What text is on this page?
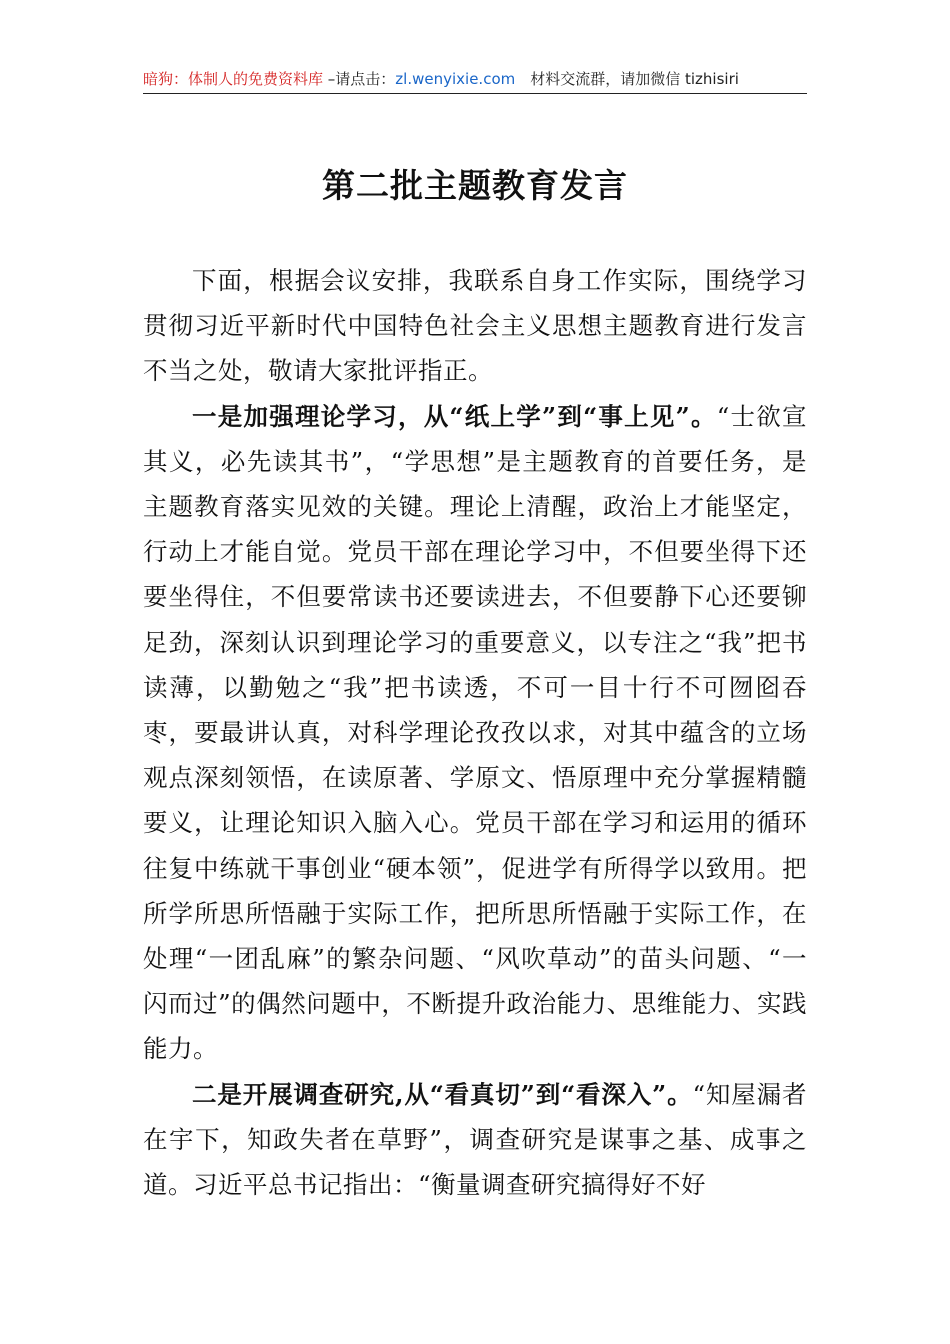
暗狗：体制人的免费资料库 –请点击：zl.wenyixie.com　材料交流群，请加微信 tizhisiri
第二批主题教育发言

下面，根据会议安排，我联系自身工作实际，围绕学习贯彻习近平新时代中国特色社会主义思想主题教育进行发言不当之处，敬请大家批评指正。

一是加强理论学习，从“纸上学”到“事上见”。“士欲宣其义，必先读其书”，“学思想”是主题教育的首要任务，是主题教育落实见效的关键。理论上清醒，政治上才能坚定，行动上才能自觉。党员干部在理论学习中，不但要坐得下还要坐得住，不但要常读书还要读进去，不但要静下心还要铆足劲，深刻认识到理论学习的重要意义，以专注之“我”把书读薄，以勤勉之“我”把书读透，不可一目十行不可囫囵吞枣，要最讲认真，对科学理论孜孜以求，对其中蕴含的立场观点深刻领悟，在读原著、学原文、悟原理中充分掌握精髓要义，让理论知识入脑入心。党员干部在学习和运用的循环往复中练就干事创业“硬本领”，促进学有所得学以致用。把所学所思所悟融于实际工作，把所思所悟融于实际工作，在处理“一团乱麻”的繁杂问题、“风吹草动”的苗头问题、“一闪而过”的偶然问题中，不断提升政治能力、思维能力、实践能力。

二是开展调查研究,从“看真切”到“看深入”。“知屋漏者在宇下，知政失者在草野”，调查研究是谋事之基、成事之道。习近平总书记指出：“衡量调查研究搞得好不好
